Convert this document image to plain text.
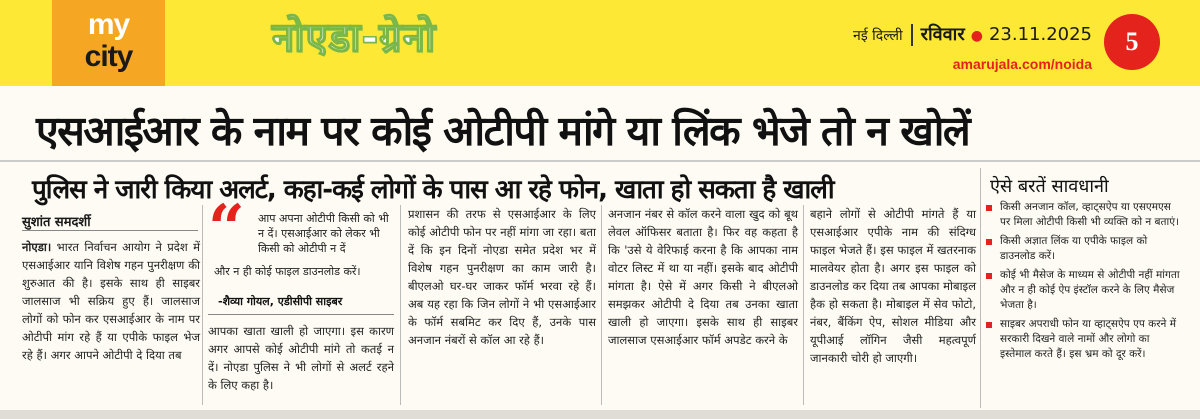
my
city	नोएडा-ग्रेनो	नई दिल्ली रविवार ● 23.11.2025
amarujala.com/noida
5
एसआईआर के नाम पर कोई ओटीपी मांगे या लिंक भेजे तो न खोलें
पुलिस ने जारी किया अलर्ट, कहा-कई लोगों के पास आ रहे फोन, खाता हो सकता है खाली	ऐसे बरतें सावधानी
सुशांत समदर्शी
नोएडा। भारत निर्वाचन आयोग ने प्रदेश में एसआईआर यानि विशेष गहन पुनरीक्षण की शुरुआत की है। इसके साथ ही साइबर जालसाज भी सक्रिय हुए हैं। जालसाज लोगों को फोन कर एसआईआर के नाम पर ओटीपी मांग रहे हैं या एपीके फाइल भेज रहे हैं। अगर आपने ओटीपी दे दिया तब
“ आप अपना ओटीपी किसी को भी न दें। एसआईआर को लेकर भी किसी को ओटीपी न दें
और न ही कोई फाइल डाउनलोड करें।
-शैव्या गोयल, एडीसीपी साइबर
आपका खाता खाली हो जाएगा। इस कारण अगर आपसे कोई ओटीपी मांगे तो कतई न दें। नोएडा पुलिस ने भी लोगों से अलर्ट रहने के लिए कहा है।
प्रशासन की तरफ से एसआईआर के लिए कोई ओटीपी फोन पर नहीं मांगा जा रहा। बता दें कि इन दिनों नोएडा समेत प्रदेश भर में विशेष गहन पुनरीक्षण का काम जारी है। बीएलओ घर-घर जाकर फॉर्म भरवा रहे हैं। अब यह रहा कि जिन लोगों ने भी एसआईआर के फॉर्म सबमिट कर दिए हैं, उनके पास अनजान नंबरों से कॉल आ रहे हैं।
अनजान नंबर से कॉल करने वाला खुद को बूथ लेवल ऑफिसर बताता है। फिर वह कहता है कि 'उसे ये वेरिफाई करना है कि आपका नाम वोटर लिस्ट में था या नहीं। इसके बाद ओटीपी मांगता है। ऐसे में अगर किसी ने बीएलओ समझकर ओटीपी दे दिया तब उनका खाता खाली हो जाएगा। इसके साथ ही साइबर जालसाज एसआईआर फॉर्म अपडेट करने के
बहाने लोगों से ओटीपी मांगते हैं या एसआईआर एपीके नाम की संदिग्ध फाइल भेजते हैं। इस फाइल में खतरनाक मालवेयर होता है। अगर इस फाइल को डाउनलोड कर दिया तब आपका मोबाइल हैक हो सकता है। मोबाइल में सेव फोटो, नंबर, बैंकिंग ऐप, सोशल मीडिया और यूपीआई लॉगिन जैसी महत्वपूर्ण जानकारी चोरी हो जाएगी।
किसी अनजान कॉल, व्हाट्सऐप या एसएमएस पर मिला ओटीपी किसी भी व्यक्ति को न बताएं।
किसी अज्ञात लिंक या एपीके फाइल को डाउनलोड करें।
कोई भी मैसेज के माध्यम से ओटीपी नहीं मांगता और न ही कोई ऐप इंस्टॉल करने के लिए मैसेज भेजता है।
साइबर अपराधी फोन या व्हाट्सऐप एप करने में सरकारी दिखने वाले नामों और लोगो का इस्तेमाल करते हैं। इस भ्रम को दूर करें।
